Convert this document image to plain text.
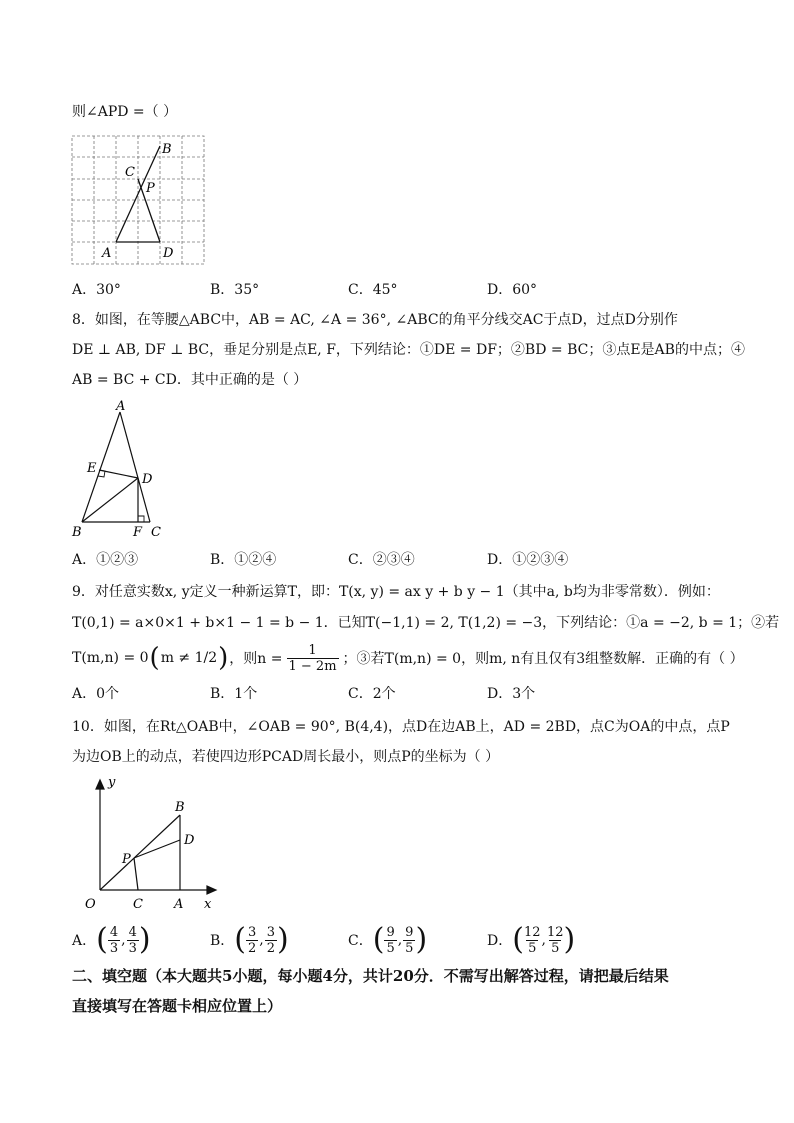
则∠APD =（ ）
B
C
P
A	D
A．30°	B．35°	C．45°	D．60°
8．如图，在等腰△ABC中，AB = AC, ∠A = 36°, ∠ABC的角平分线交AC于点D，过点D分别作
DE ⊥ AB, DF ⊥ BC，垂足分别是点E, F，下列结论：①DE = DF；②BD = BC；③点E是AB的中点；④
AB = BC + CD．其中正确的是（ ）
A
E
D
B	F C
A．①②③	B．①②④	C．②③④	D．①②③④
9．对任意实数x, y定义一种新运算T，即：T(x, y) = ax y + b y − 1（其中a, b均为非零常数）．例如：
T(0,1) = a×0×1 + b×1 − 1 = b − 1．已知T(−1,1) = 2, T(1,2) = −3，下列结论：①a = −2, b = 1；②若
T(m,n) = 0 ( m ≠ 1/2 ) ，则$n = \frac{1}{1 - 2m}$ ；③若T(m,n) = 0，则m, n有且仅有3组整数解．正确的有（ ）
A．0个	B．1个	C．2个	D．3个
10．如图，在Rt△OAB中，∠OAB = 90°, B(4,4)，点D在边AB上，AD = 2BD，点C为OA的中点，点P
为边OB上的动点，若使四边形PCAD周长最小，则点P的坐标为（ ）
y
x
O	C A
B
D
P
A． ( $\frac{4}{3}$ , $\frac{4}{3}$ )	B． ( $\frac{3}{2}$ , $\frac{3}{2}$ )	C． ( $\frac{9}{5}$ , $\frac{9}{5}$ )	D． ( $\frac{12}{5}$ , $\frac{12}{5}$ )
二、填空题（本大题共5小题，每小题4分，共计20分．不需写出解答过程，请把最后结果
直接填写在答题卡相应位置上）
